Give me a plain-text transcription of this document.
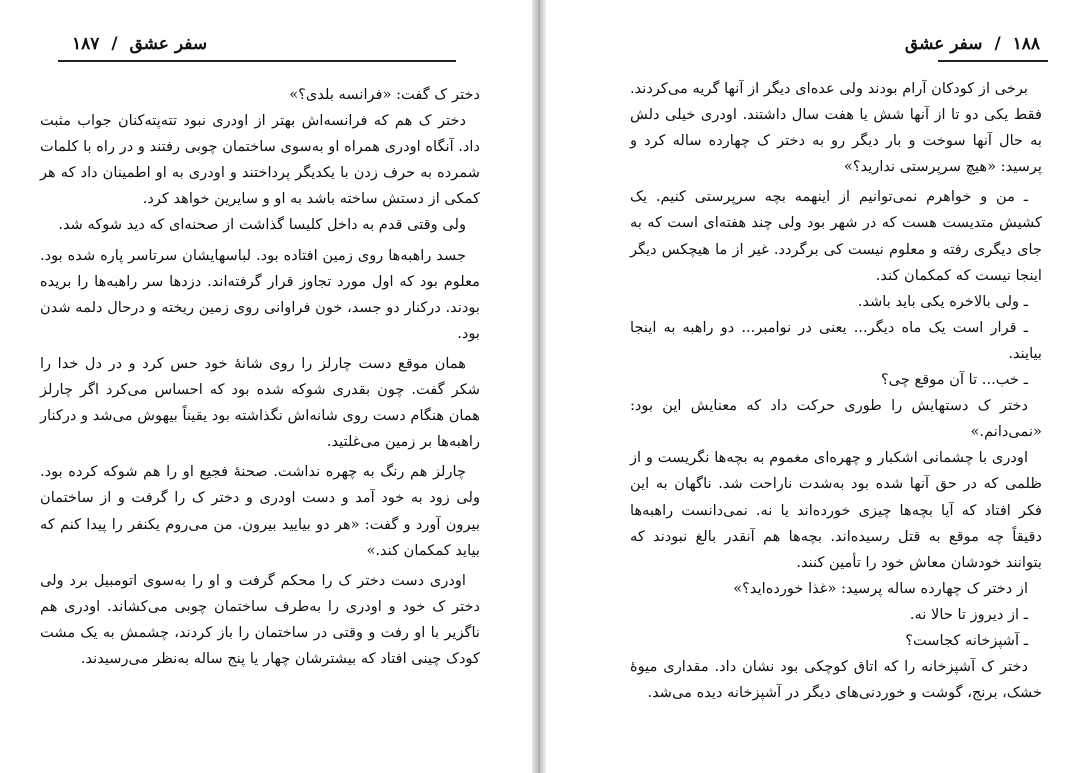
سفر عشق / ۱۸۷

دختر ک گفت: «فرانسه بلدی؟»

دختر ک هم که فرانسه‌اش بهتر از اودری نبود تته‌پته‌کنان جواب مثبت داد. آنگاه اودری همراه او به‌سوی ساختمان چوبی رفتند و در راه با کلمات شمرده به حرف زدن با یکدیگر پرداختند و اودری به او اطمینان داد که هر کمکی از دستش ساخته باشد به او و سایرین خواهد کرد.

ولی وقتی قدم به داخل کلیسا گذاشت از صحنه‌ای که دید شوکه شد.

جسد راهبه‌ها روی زمین افتاده بود. لباسهایشان سرتاسر پاره شده بود. معلوم بود که اول مورد تجاوز قرار گرفته‌اند. دزدها سر راهبه‌ها را بریده بودند. درکنار دو جسد، خون فراوانی روی زمین ریخته و درحال دلمه شدن بود.

همان موقع دست چارلز را روی شانهٔ خود حس کرد و در دل خدا را شکر گفت. چون بقدری شوکه شده بود که احساس می‌کرد اگر چارلز همان هنگام دست روی شانه‌اش نگذاشته بود یقیناً بیهوش می‌شد و درکنار راهبه‌ها بر زمین می‌غلتید.

چارلز هم رنگ به چهره نداشت. صحنهٔ فجیع او را هم شوکه کرده بود. ولی زود به خود آمد و دست اودری و دختر ک را گرفت و از ساختمان بیرون آورد و گفت: «هر دو بیایید بیرون. من می‌روم یکنفر را پیدا کنم که بیاید کمکمان کند.»

اودری دست دختر ک را محکم گرفت و او را به‌سوی اتومبیل برد ولی دختر ک خود و اودری را به‌طرف ساختمان چوبی می‌کشاند. اودری هم ناگزیر با او رفت و وقتی در ساختمان را باز کردند، چشمش به یک مشت کودک چینی افتاد که بیشترشان چهار یا پنج ساله به‌نظر می‌رسیدند.

۱۸۸ / سفر عشق

برخی از کودکان آرام بودند ولی عده‌ای دیگر از آنها گریه می‌کردند. فقط یکی دو تا از آنها شش یا هفت سال داشتند. اودری خیلی دلش به حال آنها سوخت و بار دیگر رو به دختر ک چهارده ساله کرد و پرسید: «هیچ سرپرستی ندارید؟»

ـ من و خواهرم نمی‌توانیم از اینهمه بچه سرپرستی کنیم. یک کشیش متدیست هست که در شهر بود ولی چند هفته‌ای است که به جای دیگری رفته و معلوم نیست کی برگردد. غیر از ما هیچکس دیگر اینجا نیست که کمکمان کند.

ـ ولی بالاخره یکی باید باشد.

ـ قرار است یک ماه دیگر... یعنی در نوامبر... دو راهبه به اینجا بیایند.

ـ خب... تا آن موقع چی؟

دختر ک دستهایش را طوری حرکت داد که معنایش این بود: «نمی‌دانم.»

اودری با چشمانی اشکبار و چهره‌ای مغموم به بچه‌ها نگریست و از ظلمی که در حق آنها شده بود به‌شدت ناراحت شد. ناگهان به این فکر افتاد که آیا بچه‌ها چیزی خورده‌اند یا نه. نمی‌دانست راهبه‌ها دقیقاً چه موقع به قتل رسیده‌اند. بچه‌ها هم آنقدر بالغ نبودند که بتوانند خودشان معاش خود را تأمین کنند.

از دختر ک چهارده ساله پرسید: «غذا خورده‌اید؟»

ـ از دیروز تا حالا نه.

ـ آشپزخانه کجاست؟

دختر ک آشپزخانه را که اتاق کوچکی بود نشان داد. مقداری میوهٔ خشک، برنج، گوشت و خوردنی‌های دیگر در آشپزخانه دیده می‌شد.
